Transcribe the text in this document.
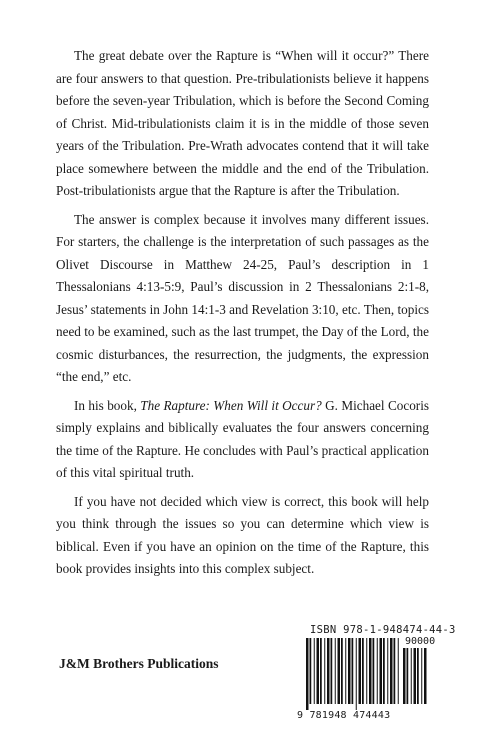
The great debate over the Rapture is “When will it occur?” There are four answers to that question. Pre-tribulationists believe it happens before the seven-year Tribulation, which is before the Second Coming of Christ. Mid-tribulationists claim it is in the middle of those seven years of the Tribulation. Pre-Wrath advocates contend that it will take place somewhere between the middle and the end of the Tribulation. Post-tribulationists argue that the Rapture is after the Tribulation.

The answer is complex because it involves many different issues. For starters, the challenge is the interpretation of such passages as the Olivet Discourse in Matthew 24-25, Paul’s description in 1 Thessalonians 4:13-5:9, Paul’s discussion in 2 Thessalonians 2:1-8, Jesus’ statements in John 14:1-3 and Revelation 3:10, etc. Then, topics need to be examined, such as the last trumpet, the Day of the Lord, the cosmic disturbances, the resurrection, the judgments, the expression “the end,” etc.

In his book, The Rapture: When Will it Occur? G. Michael Cocoris simply explains and biblically evaluates the four answers concerning the time of the Rapture. He concludes with Paul’s practical application of this vital spiritual truth.

If you have not decided which view is correct, this book will help you think through the issues so you can determine which view is biblical. Even if you have an opinion on the time of the Rapture, this book provides insights into this complex subject.

J&M Brothers Publications
ISBN 978-1-948474-44-3
90000
9 781948 474443
